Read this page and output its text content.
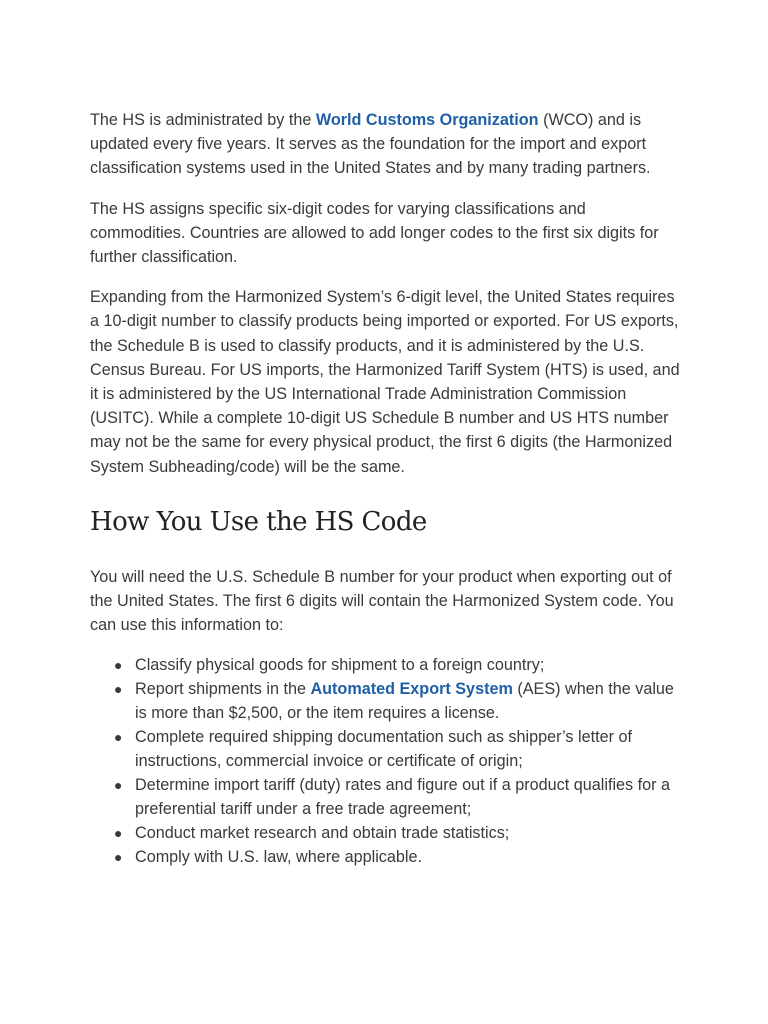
The HS is administrated by the World Customs Organization (WCO) and is updated every five years. It serves as the foundation for the import and export classification systems used in the United States and by many trading partners.

The HS assigns specific six-digit codes for varying classifications and commodities. Countries are allowed to add longer codes to the first six digits for further classification.

Expanding from the Harmonized System’s 6-digit level, the United States requires a 10-digit number to classify products being imported or exported. For US exports, the Schedule B is used to classify products, and it is administered by the U.S. Census Bureau. For US imports, the Harmonized Tariff System (HTS) is used, and it is administered by the US International Trade Administration Commission (USITC). While a complete 10-digit US Schedule B number and US HTS number may not be the same for every physical product, the first 6 digits (the Harmonized System Subheading/code) will be the same.

How You Use the HS Code

You will need the U.S. Schedule B number for your product when exporting out of the United States. The first 6 digits will contain the Harmonized System code. You can use this information to:

● Classify physical goods for shipment to a foreign country;
● Report shipments in the Automated Export System (AES) when the value is more than $2,500, or the item requires a license.
● Complete required shipping documentation such as shipper’s letter of instructions, commercial invoice or certificate of origin;
● Determine import tariff (duty) rates and figure out if a product qualifies for a preferential tariff under a free trade agreement;
● Conduct market research and obtain trade statistics;
● Comply with U.S. law, where applicable.
